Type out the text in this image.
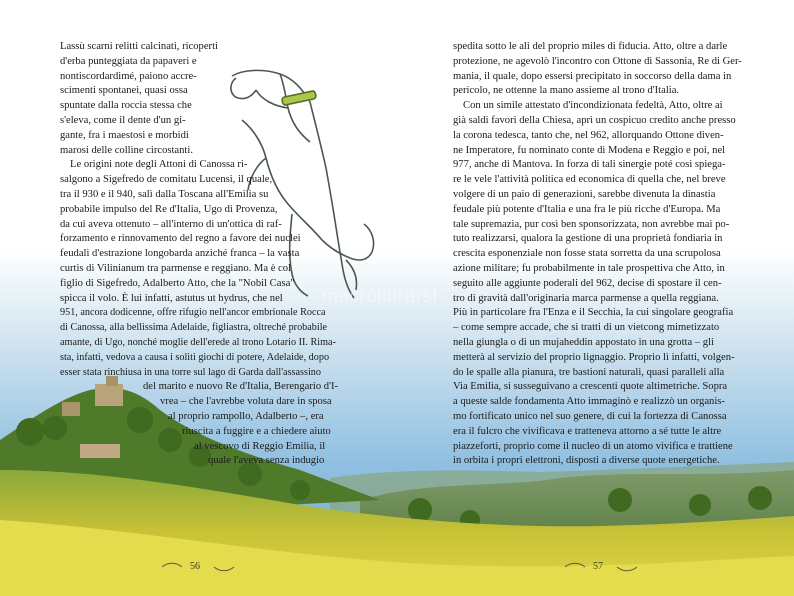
Lassù scarni relitti calcinati, ricoperti
d'erba punteggiata da papaveri e
nontiscordardimé, paiono accre-
scimenti spontanei, quasi ossa
spuntate dalla roccia stessa che
s'eleva, come il dente d'un gi-
gante, fra i maestosi e morbidi
marosi delle colline circostanti.
Le origini note degli Attoni di Canossa ri-
salgono a Sigefredo de comitatu Lucensi, il quale,
tra il 930 e il 940, salì dalla Toscana all'Emilia su
probabile impulso del Re d'Italia, Ugo di Provenza,
da cui aveva ottenuto – all'interno di un'ottica di raf-
forzamento e rinnovamento del regno a favore dei nuclei
feudali d'estrazione longobarda anziché franca – la vasta
curtis di Vilinianum tra parmense e reggiano. Ma è col
figlio di Sigefredo, Adalberto Atto, che la "Nobil Casa"
spicca il volo. È lui infatti, astutus ut hydrus, che nel
951, ancora dodicenne, offre rifugio nell'ancor embrionale Rocca
di Canossa, alla bellissima Adelaide, figliastra, oltreché probabile
amante, di Ugo, nonché moglie dell'erede al trono Lotario II. Rima-
sta, infatti, vedova a causa i soliti giochi di potere, Adelaide, dopo
esser stata rinchiusa in una torre sul lago di Garda dall'assassino
del marito e nuovo Re d'Italia, Berengario d'I-
vrea – che l'avrebbe voluta dare in sposa
al proprio rampollo, Adalberto –, era
riuscita a fuggire e a chiedere aiuto
al vescovo di Reggio Emilia, il
quale l'aveva senza indugio
spedita sotto le ali del proprio miles di fiducia. Atto, oltre a darle
protezione, ne agevolò l'incontro con Ottone di Sassonia, Re di Ger-
mania, il quale, dopo essersi precipitato in soccorso della dama in
pericolo, ne ottenne la mano assieme al trono d'Italia.
Con un simile attestato d'incondizionata fedeltà, Atto, oltre ai
già saldi favori della Chiesa, aprì un cospicuo credito anche presso
la corona tedesca, tanto che, nel 962, allorquando Ottone diven-
ne Imperatore, fu nominato conte di Modena e Reggio e poi, nel
977, anche di Mantova. In forza di tali sinergie poté così spiega-
re le vele l'attività politica ed economica di quella che, nel breve
volgere di un paio di generazioni, sarebbe divenuta la dinastia
feudale più potente d'Italia e una fra le più ricche d'Europa. Ma
tale supremazia, pur così ben sponsorizzata, non avrebbe mai po-
tuto realizzarsi, qualora la gestione di una proprietà fondiaria in
crescita esponenziale non fosse stata sorretta da una scrupolosa
azione militare; fu probabilmente in tale prospettiva che Atto, in
seguito alle aggiunte poderali del 962, decise di spostare il cen-
tro di gravità dall'originaria marca parmense a quella reggiana.
Più in particolare fra l'Enza e il Secchia, la cui singolare geografia
– come sempre accade, che si tratti di un vietcong mimetizzato
nella giungla o di un mujaheddin appostato in una grotta – gli
metterà al servizio del proprio lignaggio. Proprio lì infatti, volgen-
do le spalle alla pianura, tre bastioni naturali, quasi paralleli alla
Via Emilia, si susseguivano a crescenti quote altimetriche. Sopra
a queste salde fondamenta Atto immaginò e realizzò un organis-
mo fortificato unico nel suo genere, di cui la fortezza di Canossa
era il fulcro che vivificava e tratteneva attorno a sé tutte le altre
piazzeforti, proprio come il nucleo di un atomo vivifica e trattiene
in orbita i propri elettroni, disposti a diverse quote energetiche.
macrolibrarsi
56	57
